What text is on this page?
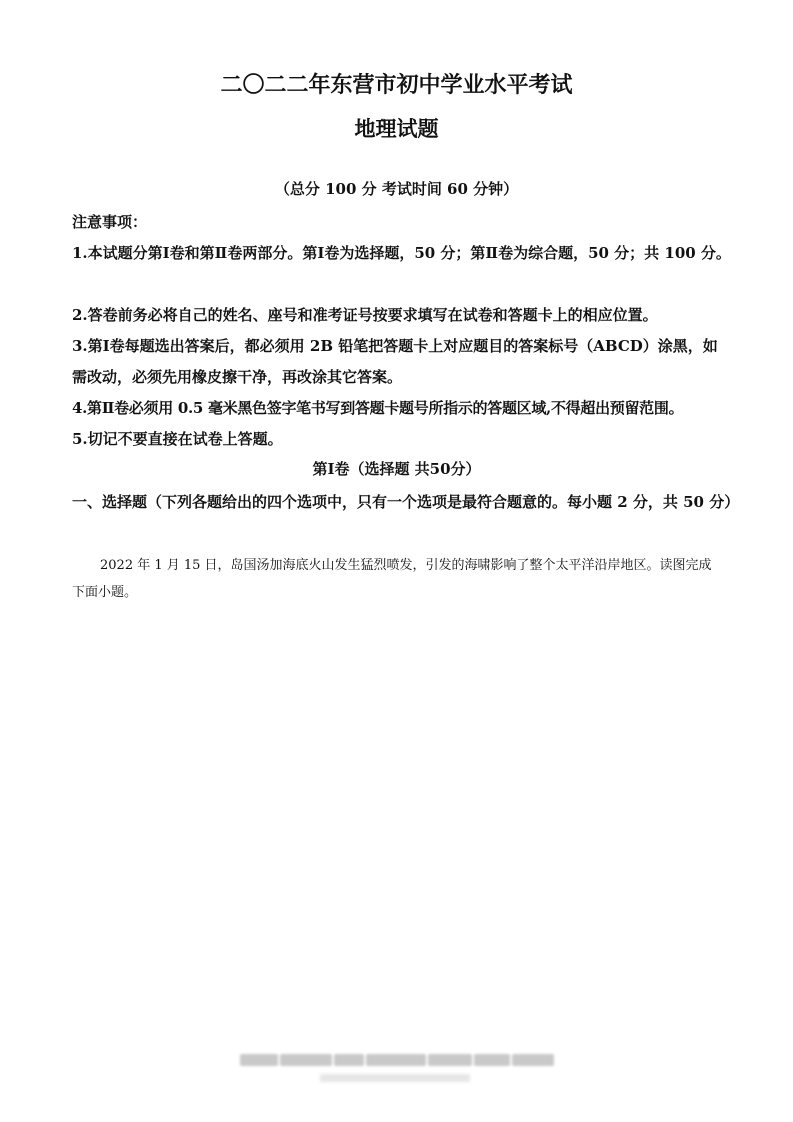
二〇二二年东营市初中学业水平考试
地理试题
（总分 100 分 考试时间 60 分钟）
注意事项：
1.本试题分第Ⅰ卷和第Ⅱ卷两部分。第Ⅰ卷为选择题，50 分；第Ⅱ卷为综合题，50 分；共 100 分。
2.答卷前务必将自己的姓名、座号和准考证号按要求填写在试卷和答题卡上的相应位置。
3.第Ⅰ卷每题选出答案后，都必须用 2B 铅笔把答题卡上对应题目的答案标号（ABCD）涂黑，如需改动，必须先用橡皮擦干净，再改涂其它答案。
4.第Ⅱ卷必须用 0.5 毫米黑色签字笔书写到答题卡题号所指示的答题区域,不得超出预留范围。
5.切记不要直接在试卷上答题。
第Ⅰ卷（选择题 共50分）
一、选择题（下列各题给出的四个选项中，只有一个选项是最符合题意的。每小题 2 分，共 50 分）
2022 年 1 月 15 日，岛国汤加海底火山发生猛烈喷发，引发的海啸影响了整个太平洋沿岸地区。读图完成下面小题。
